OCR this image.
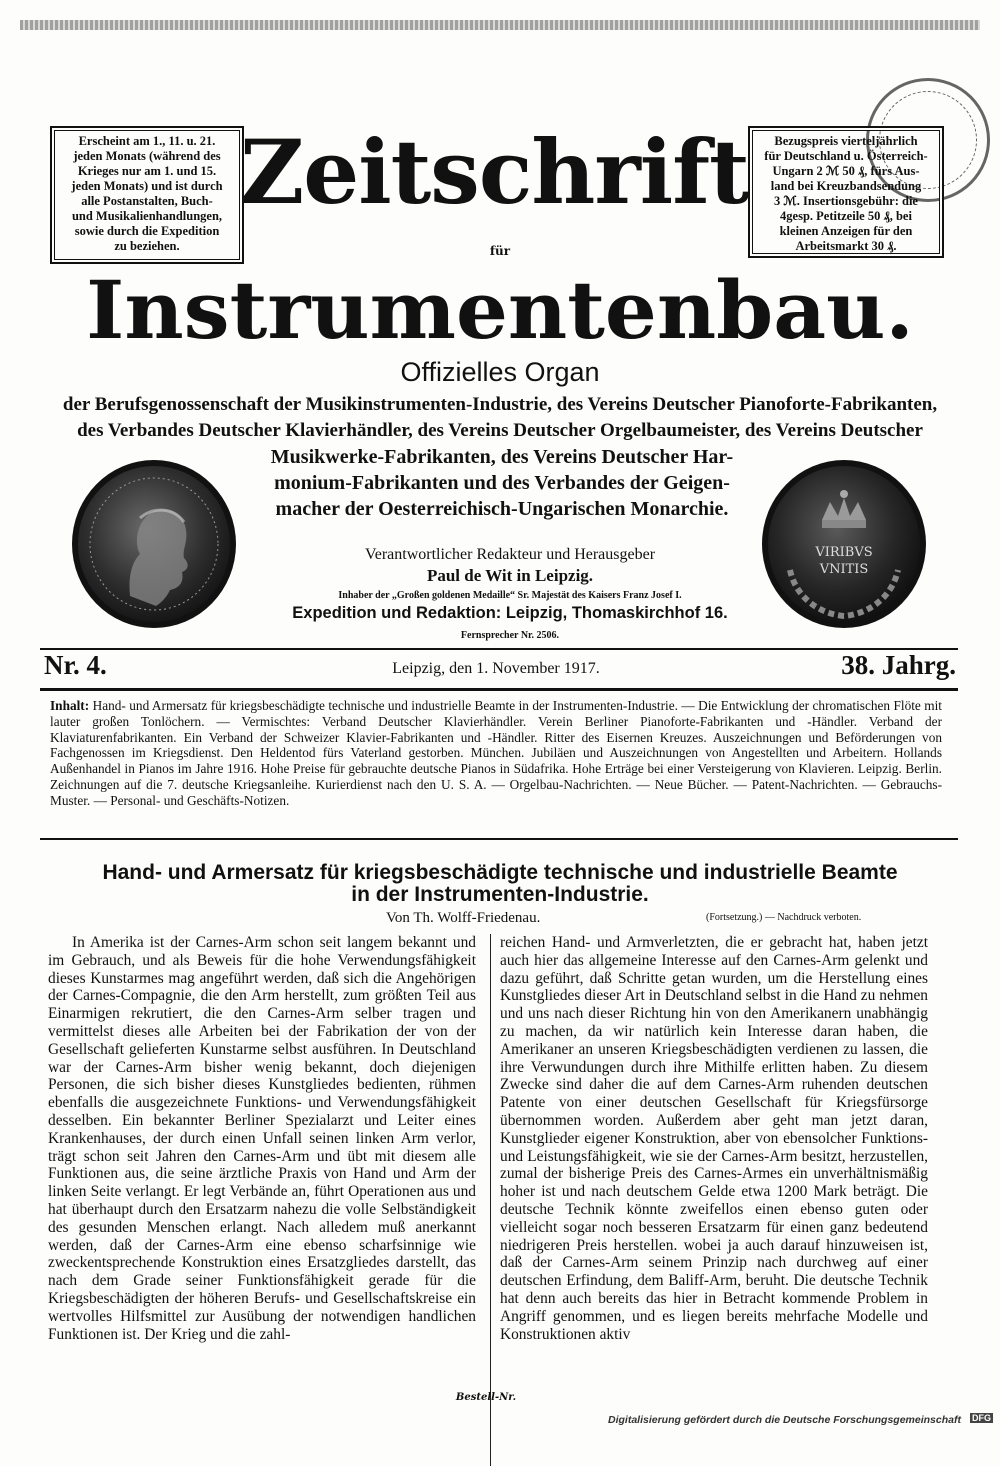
Erscheint am 1., 11. u. 21.

jeden Monats (während des

Krieges nur am 1. und 15.

jeden Monats) und ist durch

alle Postanstalten, Buch-

und Musikalienhandlungen,

sowie durch die Expedition

zu beziehen.

Bezugspreis vierteljährlich

für Deutschland u. Österreich-

Ungarn 2 ℳ 50 ₰, fürs Aus-

land bei Kreuzbandsendung

3 ℳ. Insertionsgebühr: die

4gesp. Petitzeile 50 ₰, bei

kleinen Anzeigen für den

Arbeitsmarkt 30 ₰.

Zeitschrift
für
Instrumentenbau.
Offizielles Organ

der Berufsgenossenschaft der Musikinstrumenten-Industrie, des Vereins Deutscher Pianoforte-Fabrikanten,

des Verbandes Deutscher Klavierhändler, des Vereins Deutscher Orgelbaumeister, des Vereins Deutscher

Musikwerke-Fabrikanten, des Vereins Deutscher Har-

monium-Fabrikanten und des Verbandes der Geigen-

macher der Oesterreichisch-Ungarischen Monarchie.

VIRIBVS
VNITIS

Verantwortlicher Redakteur und Herausgeber

Paul de Wit in Leipzig.

Inhaber der „Großen goldenen Medaille“ Sr. Majestät des Kaisers Franz Josef I.

Expedition und Redaktion: Leipzig, Thomaskirchhof 16.

Fernsprecher Nr. 2506.

Nr. 4.	Leipzig, den 1. November 1917.	38. Jahrg.

Inhalt: Hand- und Armersatz für kriegsbeschädigte technische und industrielle Beamte in der Instrumenten-Industrie. — Die Entwicklung der chromatischen Flöte mit lauter großen Tonlöchern. — Vermischtes: Verband Deutscher Klavierhändler. Verein Berliner Pianoforte-Fabrikanten und -Händler. Verband der Klaviaturenfabrikanten. Ein Verband der Schweizer Klavier-Fabrikanten und -Händler. Ritter des Eisernen Kreuzes. Auszeichnungen und Beförderungen von Fachgenossen im Kriegsdienst. Den Heldentod fürs Vaterland gestorben. München. Jubiläen und Auszeichnungen von Angestellten und Arbeitern. Hollands Außenhandel in Pianos im Jahre 1916. Hohe Preise für gebrauchte deutsche Pianos in Südafrika. Hohe Erträge bei einer Versteigerung von Klavieren. Leipzig. Berlin. Zeichnungen auf die 7. deutsche Kriegsanleihe. Kurierdienst nach den U. S. A. — Orgelbau-Nachrichten. — Neue Bücher. — Patent-Nachrichten. — Gebrauchs-Muster. — Personal- und Geschäfts-Notizen.

Hand- und Armersatz für kriegsbeschädigte technische und industrielle Beamte
in der Instrumenten-Industrie.
Von Th. Wolff-Friedenau.	(Fortsetzung.) — Nachdruck verboten.

In Amerika ist der Carnes-Arm schon seit langem bekannt und im Gebrauch, und als Beweis für die hohe Verwendungsfähigkeit dieses Kunstarmes mag angeführt werden, daß sich die Angehörigen der Carnes-Compagnie, die den Arm herstellt, zum größten Teil aus Einarmigen rekrutiert, die den Carnes-Arm selber tragen und vermittelst dieses alle Arbeiten bei der Fabrikation der von der Gesellschaft gelieferten Kunstarme selbst ausführen. In Deutschland war der Carnes-Arm bisher wenig bekannt, doch diejenigen Personen, die sich bisher dieses Kunstgliedes bedienten, rühmen ebenfalls die ausgezeichnete Funktions- und Verwendungsfähigkeit desselben. Ein bekannter Berliner Spezialarzt und Leiter eines Krankenhauses, der durch einen Unfall seinen linken Arm verlor, trägt schon seit Jahren den Carnes-Arm und übt mit diesem alle Funktionen aus, die seine ärztliche Praxis von Hand und Arm der linken Seite verlangt. Er legt Verbände an, führt Operationen aus und hat überhaupt durch den Ersatzarm nahezu die volle Selbständigkeit des gesunden Menschen erlangt. Nach alledem muß anerkannt werden, daß der Carnes-Arm eine ebenso scharfsinnige wie zweckentsprechende Konstruktion eines Ersatzgliedes darstellt, das nach dem Grade seiner Funktionsfähigkeit gerade für die Kriegsbeschädigten der höheren Berufs- und Gesellschaftskreise ein wertvolles Hilfsmittel zur Ausübung der notwendigen handlichen Funktionen ist. Der Krieg und die zahl-

reichen Hand- und Armverletzten, die er gebracht hat, haben jetzt auch hier das allgemeine Interesse auf den Carnes-Arm gelenkt und dazu geführt, daß Schritte getan wurden, um die Herstellung eines Kunstgliedes dieser Art in Deutschland selbst in die Hand zu nehmen und uns nach dieser Richtung hin von den Amerikanern unabhängig zu machen, da wir natürlich kein Interesse daran haben, die Amerikaner an unseren Kriegsbeschädigten verdienen zu lassen, die ihre Verwundungen durch ihre Mithilfe erlitten haben. Zu diesem Zwecke sind daher die auf dem Carnes-Arm ruhenden deutschen Patente von einer deutschen Gesellschaft für Kriegsfürsorge übernommen worden. Außerdem aber geht man jetzt daran, Kunstglieder eigener Konstruktion, aber von ebensolcher Funktions- und Leistungsfähigkeit, wie sie der Carnes-Arm besitzt, herzustellen, zumal der bisherige Preis des Carnes-Armes ein unverhältnismäßig hoher ist und nach deutschem Gelde etwa 1200 Mark beträgt. Die deutsche Technik könnte zweifellos einen ebenso guten oder vielleicht sogar noch besseren Ersatzarm für einen ganz bedeutend niedrigeren Preis herstellen. wobei ja auch darauf hinzuweisen ist, daß der Carnes-Arm seinem Prinzip nach durchweg auf einer deutschen Erfindung, dem Baliff-Arm, beruht. Die deutsche Technik hat denn auch bereits das hier in Betracht kommende Problem in Angriff genommen, und es liegen bereits mehrfache Modelle und Konstruktionen aktiv

Bestell-Nr.
Digitalisierung gefördert durch die Deutsche Forschungsgemeinschaft DFG
